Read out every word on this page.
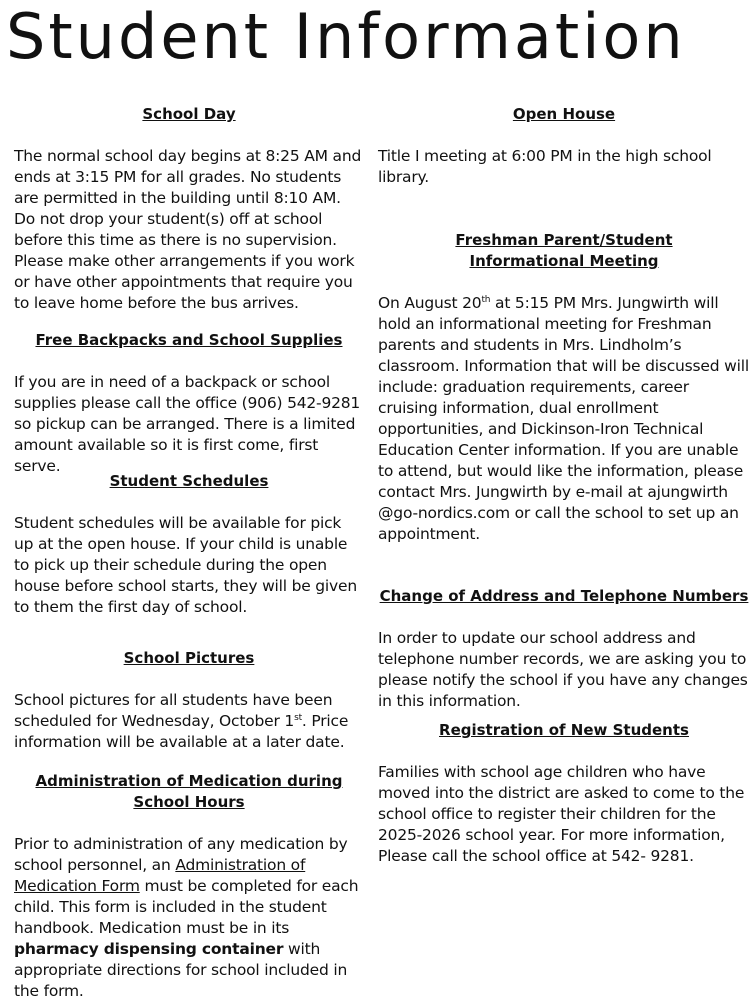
Student Information
School Day

The normal school day begins at 8:25 AM and ends at 3:15 PM for all grades. No students are permitted in the building until 8:10 AM. Do not drop your student(s) off at school before this time as there is no supervision. Please make other arrangements if you work or have other appointments that require you to leave home before the bus arrives.

Free Backpacks and School Supplies

If you are in need of a backpack or school supplies please call the office (906) 542-9281 so pickup can be arranged. There is a limited amount available so it is first come, first serve.

Student Schedules

Student schedules will be available for pick up at the open house. If your child is unable to pick up their schedule during the open house before school starts, they will be given to them the first day of school.

School Pictures

School pictures for all students have been scheduled for Wednesday, October 1st. Price information will be available at a later date.

Administration of Medication during School Hours

Prior to administration of any medication by school personnel, an Administration of Medication Form must be completed for each child. This form is included in the student handbook. Medication must be in its pharmacy dispensing container with appropriate directions for school included in the form.

Open House

Title I meeting at 6:00 PM in the high school library.

Freshman Parent/Student
Informational Meeting

On August 20th at 5:15 PM Mrs. Jungwirth will hold an informational meeting for Freshman parents and students in Mrs. Lindholm’s classroom. Information that will be discussed will include: graduation requirements, career cruising information, dual enrollment opportunities, and Dickinson-Iron Technical Education Center information. If you are unable to attend, but would like the information, please contact Mrs. Jungwirth by e-mail at ajungwirth @go-nordics.com or call the school to set up an appointment.

Change of Address and Telephone Numbers

In order to update our school address and telephone number records, we are asking you to please notify the school if you have any changes in this information.

Registration of New Students

Families with school age children who have moved into the district are asked to come to the school office to register their children for the 2025-2026 school year. For more information, Please call the school office at 542- 9281.
